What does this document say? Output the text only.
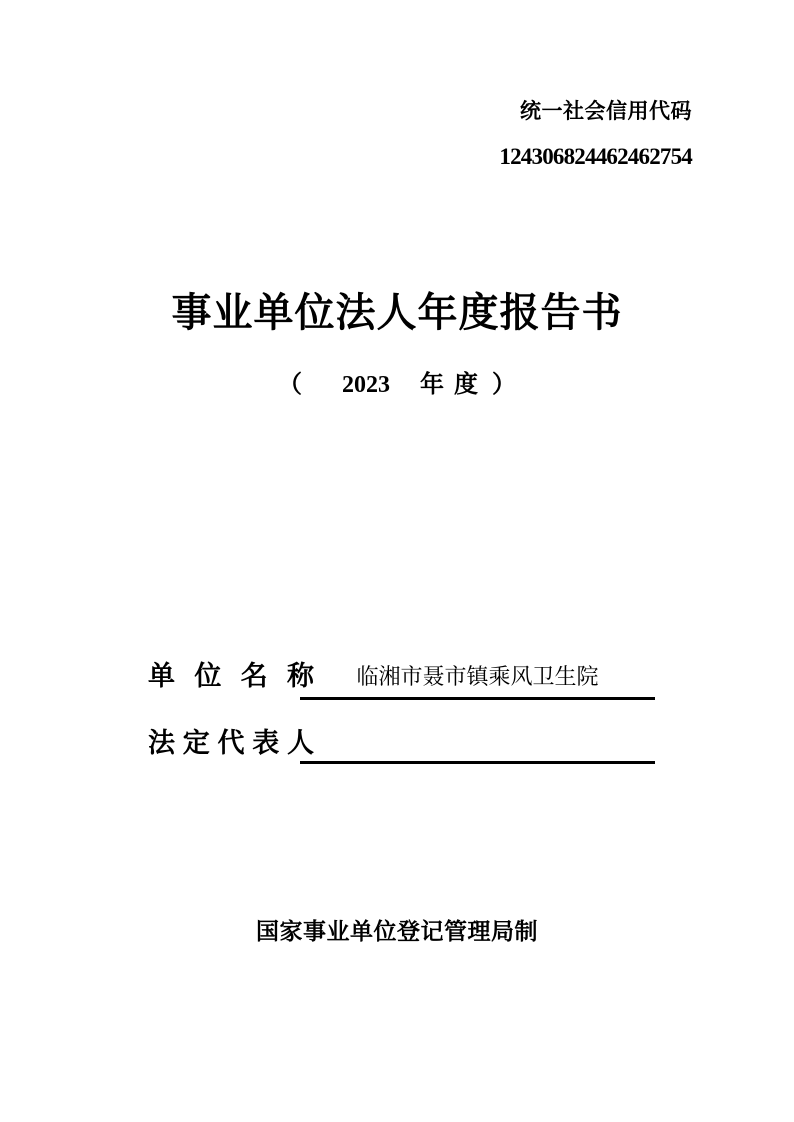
统一社会信用代码
124306824462462754
事业单位法人年度报告书
（ 2023 年度 ）
单位名称	临湘市聂市镇乘风卫生院
法定代表人
国家事业单位登记管理局制
